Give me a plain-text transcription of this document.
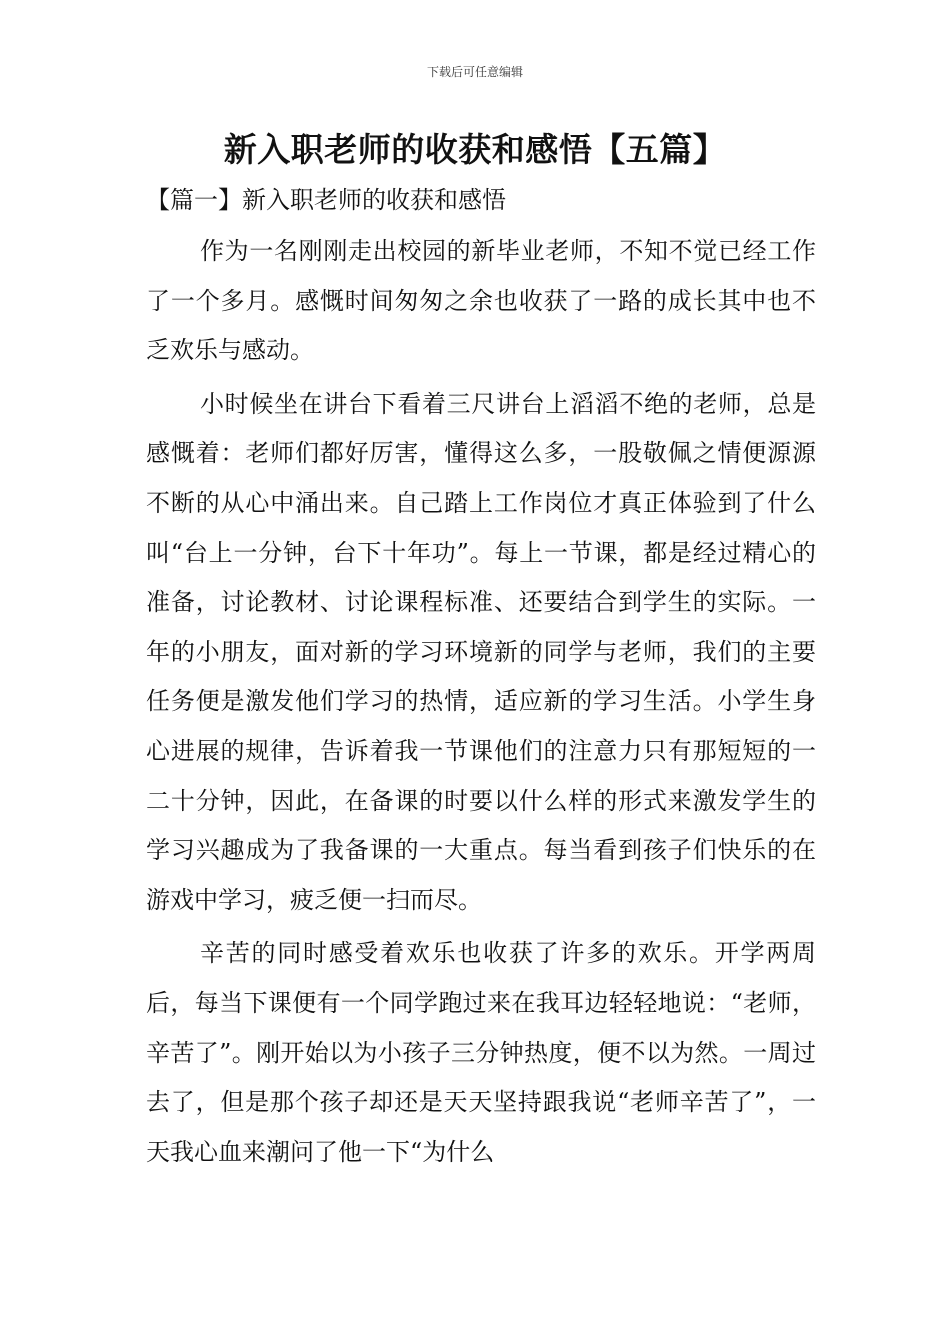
下载后可任意编辑
新入职老师的收获和感悟【五篇】
【篇一】新入职老师的收获和感悟

作为一名刚刚走出校园的新毕业老师，不知不觉已经工作了一个多月。感慨时间匆匆之余也收获了一路的成长其中也不乏欢乐与感动。

小时候坐在讲台下看着三尺讲台上滔滔不绝的老师，总是感慨着：老师们都好厉害，懂得这么多，一股敬佩之情便源源不断的从心中涌出来。自己踏上工作岗位才真正体验到了什么叫“台上一分钟，台下十年功”。每上一节课，都是经过精心的准备，讨论教材、讨论课程标准、还要结合到学生的实际。一年的小朋友，面对新的学习环境新的同学与老师，我们的主要任务便是激发他们学习的热情，适应新的学习生活。小学生身心进展的规律，告诉着我一节课他们的注意力只有那短短的一二十分钟，因此，在备课的时要以什么样的形式来激发学生的学习兴趣成为了我备课的一大重点。每当看到孩子们快乐的在游戏中学习，疲乏便一扫而尽。

辛苦的同时感受着欢乐也收获了许多的欢乐。开学两周后，每当下课便有一个同学跑过来在我耳边轻轻地说：“老师，辛苦了”。刚开始以为小孩子三分钟热度，便不以为然。一周过去了，但是那个孩子却还是天天坚持跟我说“老师辛苦了”，一天我心血来潮问了他一下“为什么
